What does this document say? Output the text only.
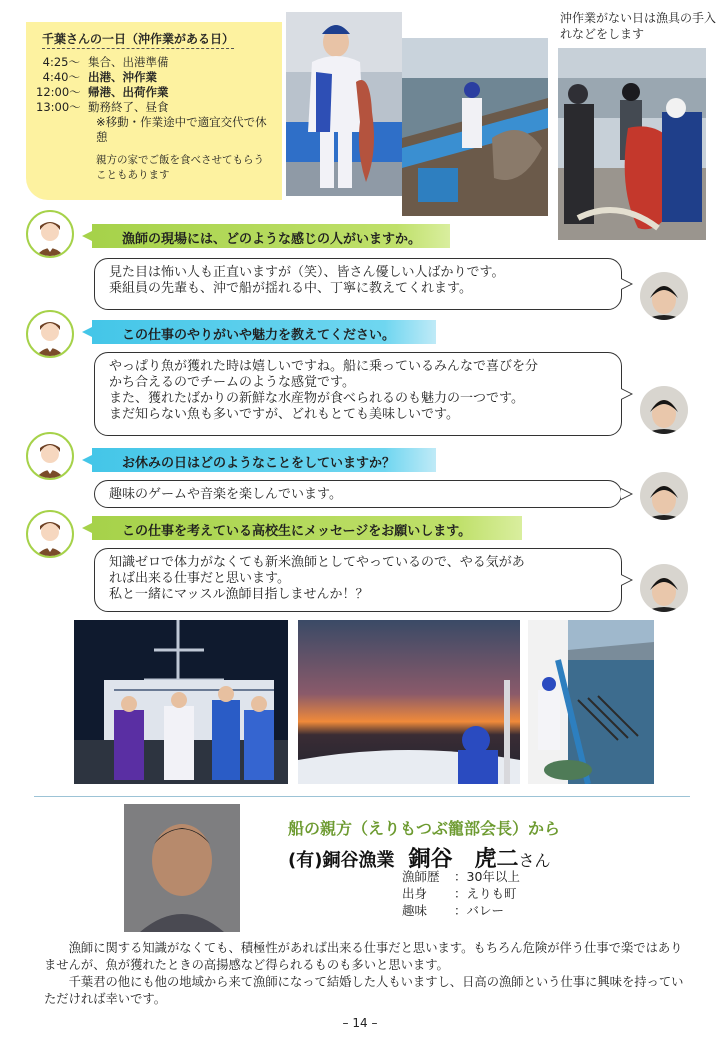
千葉さんの一日（沖作業がある日）
4:25〜 集合、出港準備
4:40〜 出港、沖作業
12:00〜 帰港、出荷作業
13:00〜 勤務終了、昼食
※移動・作業途中で適宜交代で休憩
親方の家でご飯を食べさせてもらうこともあります
沖作業がない日は漁具の手入れなどをします
漁師の現場には、どのような感じの人がいますか。
見た目は怖い人も正直いますが（笑）、皆さん優しい人ばかりです。
乗組員の先輩も、沖で船が揺れる中、丁寧に教えてくれます。
この仕事のやりがいや魅力を教えてください。
やっぱり魚が獲れた時は嬉しいですね。船に乗っているみんなで喜びを分
かち合えるのでチームのような感覚です。
また、獲れたばかりの新鮮な水産物が食べられるのも魅力の一つです。
まだ知らない魚も多いですが、どれもとても美味しいです。
お休みの日はどのようなことをしていますか？
趣味のゲームや音楽を楽しんでいます。
この仕事を考えている高校生にメッセージをお願いします。
知識ゼロで体力がなくても新米漁師としてやっているので、やる気があ
れば出来る仕事だと思います。
私と一緒にマッスル漁師目指しませんか！？
船の親方（えりもつぶ籠部会長）から
(有)銅谷漁業 銅谷　虎二さん
漁師歴 ：30年以上
出身 ：えりも町
趣味 ：バレー

漁師に関する知識がなくても、積極性があれば出来る仕事だと思います。もちろん危険が伴う仕事で楽ではありませんが、魚が獲れたときの高揚感など得られるものも多いと思います。

千葉君の他にも他の地域から来て漁師になって結婚した人もいますし、日高の漁師という仕事に興味を持っていただければ幸いです。

– 14 –
